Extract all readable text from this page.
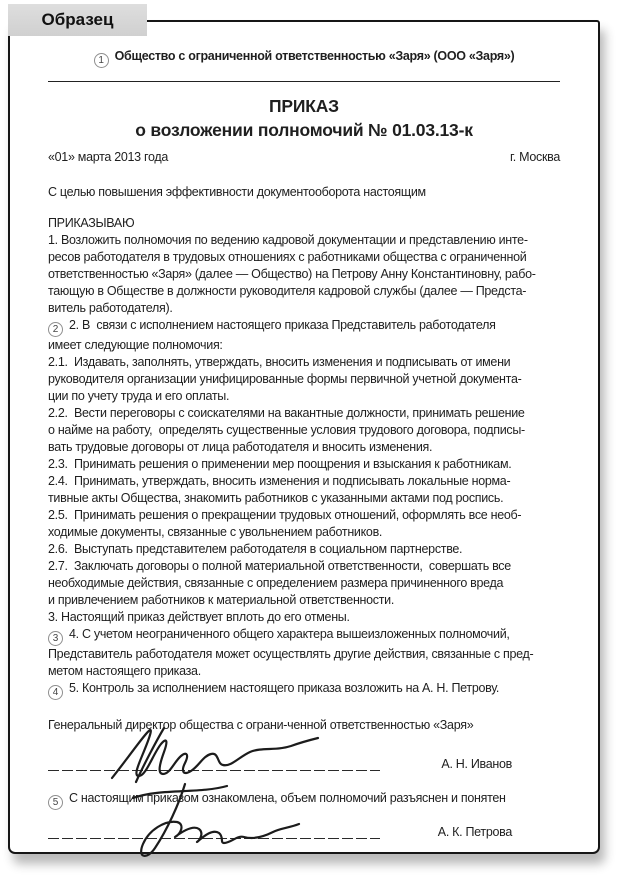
1 Общество с ограниченной ответственностью «Заря» (ООО «Заря»)
ПРИКАЗ
о возложении полномочий № 01.03.13-к
«01» марта 2013 года	г. Москва
С целью повышения эффективности документооборота настоящим
ПРИКАЗЫВАЮ
1. Возложить полномочия по ведению кадровой документации и представлению инте-
ресов работодателя в трудовых отношениях с работниками общества с ограниченной
ответственностью «Заря» (далее — Общество) на Петрову Анну Константиновну, рабо-
тающую в Обществе в должности руководителя кадровой службы (далее — Предста-
витель работодателя).
2 2. В  связи с исполнением настоящего приказа Представитель работодателя
имеет следующие полномочия:
2.1.  Издавать, заполнять, утверждать, вносить изменения и подписывать от имени
руководителя организации унифицированные формы первичной учетной документа-
ции по учету труда и его оплаты.
2.2.  Вести переговоры с соискателями на вакантные должности, принимать решение
о найме на работу,  определять существенные условия трудового договора, подписы-
вать трудовые договоры от лица работодателя и вносить изменения.
2.3.  Принимать решения о применении мер поощрения и взыскания к работникам.
2.4.  Принимать, утверждать, вносить изменения и подписывать локальные норма-
тивные акты Общества, знакомить работников с указанными актами под роспись.
2.5.  Принимать решения о прекращении трудовых отношений, оформлять все необ-
ходимые документы, связанные с увольнением работников.
2.6.  Выступать представителем работодателя в социальном партнерстве.
2.7.  Заключать договоры о полной материальной ответственности,  совершать все
необходимые действия, связанные с определением размера причиненного вреда
и привлечением работников к материальной ответственности.
3. Настоящий приказ действует вплоть до его отмены.
3 4. С учетом неограниченного общего характера вышеизложенных полномочий,
Представитель работодателя может осуществлять другие действия, связанные с пред-
метом настоящего приказа.
4 5. Контроль за исполнением настоящего приказа возложить на А. Н. Петрову.
Генеральный директор общества с ограни-ченной ответственностью «Заря»
А. Н. Иванов
5 С настоящим приказом ознакомлена, объем полномочий разъяснен и понятен
А. К. Петрова
Образец
